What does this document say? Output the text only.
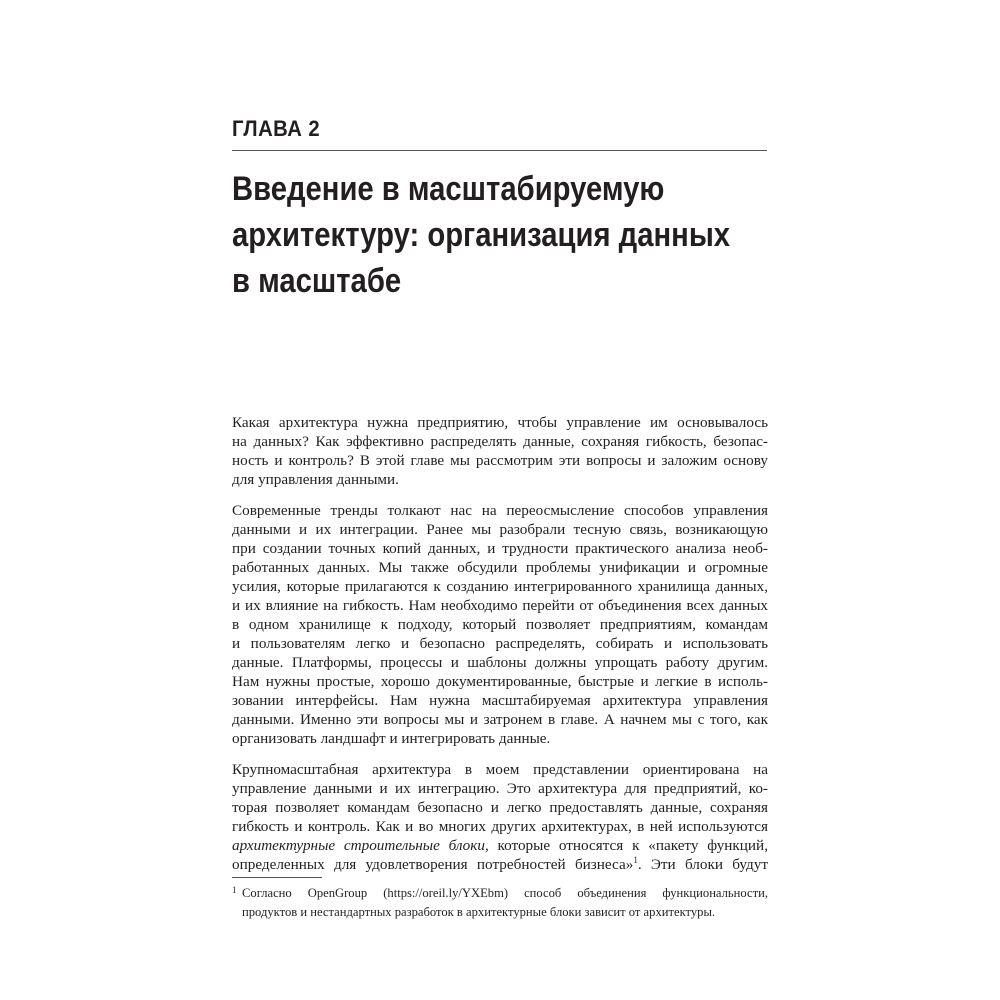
ГЛАВА 2
Введение в масштабируемую
архитектуру: организация данных
в масштабе

Какая архитектура нужна предприятию, чтобы управление им основывалось
на данных? Как эффективно распределять данные, сохраняя гибкость, безопас-
ность и контроль? В этой главе мы рассмотрим эти вопросы и заложим основу
для управления данными.

Современные тренды толкают нас на переосмысление способов управления
данными и их интеграции. Ранее мы разобрали тесную связь, возникающую
при создании точных копий данных, и трудности практического анализа необ-
работанных данных. Мы также обсудили проблемы унификации и огромные
усилия, которые прилагаются к созданию интегрированного хранилища данных,
и их влияние на гибкость. Нам необходимо перейти от объединения всех данных
в одном хранилище к подходу, который позволяет предприятиям, командам
и пользователям легко и безопасно распределять, собирать и использовать
данные. Платформы, процессы и шаблоны должны упрощать работу другим.
Нам нужны простые, хорошо документированные, быстрые и легкие в исполь-
зовании интерфейсы. Нам нужна масштабируемая архитектура управления
данными. Именно эти вопросы мы и затронем в главе. А начнем мы с того, как
организовать ландшафт и интегрировать данные.

Крупномасштабная архитектура в моем представлении ориентирована на
управление данными и их интеграцию. Это архитектура для предприятий, ко-
торая позволяет командам безопасно и легко предоставлять данные, сохраняя
гибкость и контроль. Как и во многих других архитектурах, в ней используются
архитектурные строительные блоки, которые относятся к «пакету функций,
определенных для удовлетворения потребностей бизнеса»$^1$. Эти блоки будут

1 Согласно OpenGroup (https://oreil.ly/YXEbm) способ объединения функциональности,
продуктов и нестандартных разработок в архитектурные блоки зависит от архитектуры.
